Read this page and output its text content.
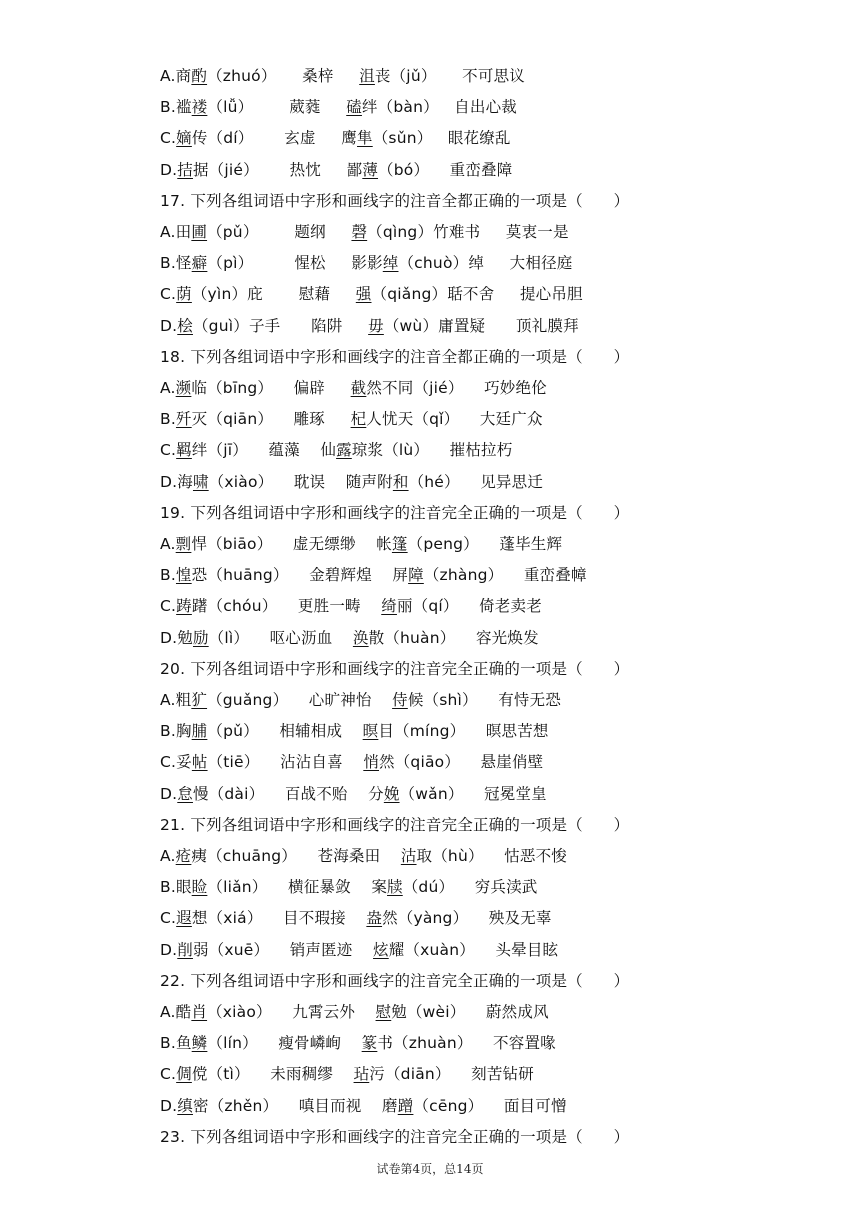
A.商酌（zhuó）     桑梓     沮丧（jǔ）     不可思议
B.褴褛（lǚ）       葳蕤     磕绊（bàn）   自出心裁
C.嫡传（dí）      玄虚     鹰隼（sǔn）   眼花缭乱
D.拮据（jié）      热忱     鄙薄（bó）    重峦叠障
17. 下列各组词语中字形和画线字的注音全都正确的一项是（      ）
A.田圃（pǔ）       题纲     磬（qìng）竹难书     莫衷一是
B.怪癖（pì）        惺松     影影绰（chuò）绰     大相径庭
C.荫（yìn）庇       慰藉     强（qiǎng）聒不舍     提心吊胆
D.桧（guì）子手      陷阱     毋（wù）庸置疑      顶礼膜拜
18. 下列各组词语中字形和画线字的注音全都正确的一项是（      ）
A.濒临（bīng）    偏辟     截然不同（jié）    巧妙绝伦
B.歼灭（qiān）    雕琢     杞人忧天（qǐ）    大廷广众
C.羁绊（jī）    蕴藻    仙露琼浆（lù）    摧枯拉朽
D.海啸（xiào）    耽误    随声附和（hé）    见异思迁
19. 下列各组词语中字形和画线字的注音完全正确的一项是（      ）
A.剽悍（biāo）    虚无缥缈    帐篷（peng）    蓬毕生辉
B.惶恐（huāng）    金碧辉煌    屏障（zhàng）    重峦叠幛
C.踌躇（chóu）    更胜一畴    绮丽（qí）    倚老卖老
D.勉励（lì）    呕心沥血    涣散（huàn）    容光焕发
20. 下列各组词语中字形和画线字的注音完全正确的一项是（      ）
A.粗犷（guǎng）    心旷神怡    侍候（shì）    有恃无恐
B.胸脯（pǔ）    相辅相成    暝目（míng）    暝思苦想
C.妥帖（tiē）    沾沾自喜    悄然（qiāo）    悬崖俏壁
D.怠慢（dài）    百战不贻    分娩（wǎn）    冠冕堂皇
21. 下列各组词语中字形和画线字的注音完全正确的一项是（      ）
A.疮痍（chuāng）    苍海桑田    沽取（hù）    怙恶不悛
B.眼睑（liǎn）    横征暴敛    案牍（dú）    穷兵渎武
C.遐想（xiá）    目不瑕接    盎然（yàng）    殃及无辜
D.削弱（xuē）    销声匿迹    炫耀（xuàn）    头晕目眩
22. 下列各组词语中字形和画线字的注音完全正确的一项是（      ）
A.酷肖（xiào）    九霄云外    慰勉（wèi）    蔚然成风
B.鱼鳞（lín）    瘦骨嶙峋    篆书（zhuàn）    不容置喙
C.倜傥（tì）    未雨稠缪    玷污（diān）    刻苦钻研
D.缜密（zhěn）    嗔目而视    磨蹭（cēng）    面目可憎
23. 下列各组词语中字形和画线字的注音完全正确的一项是（      ）
试卷第4页，总14页
